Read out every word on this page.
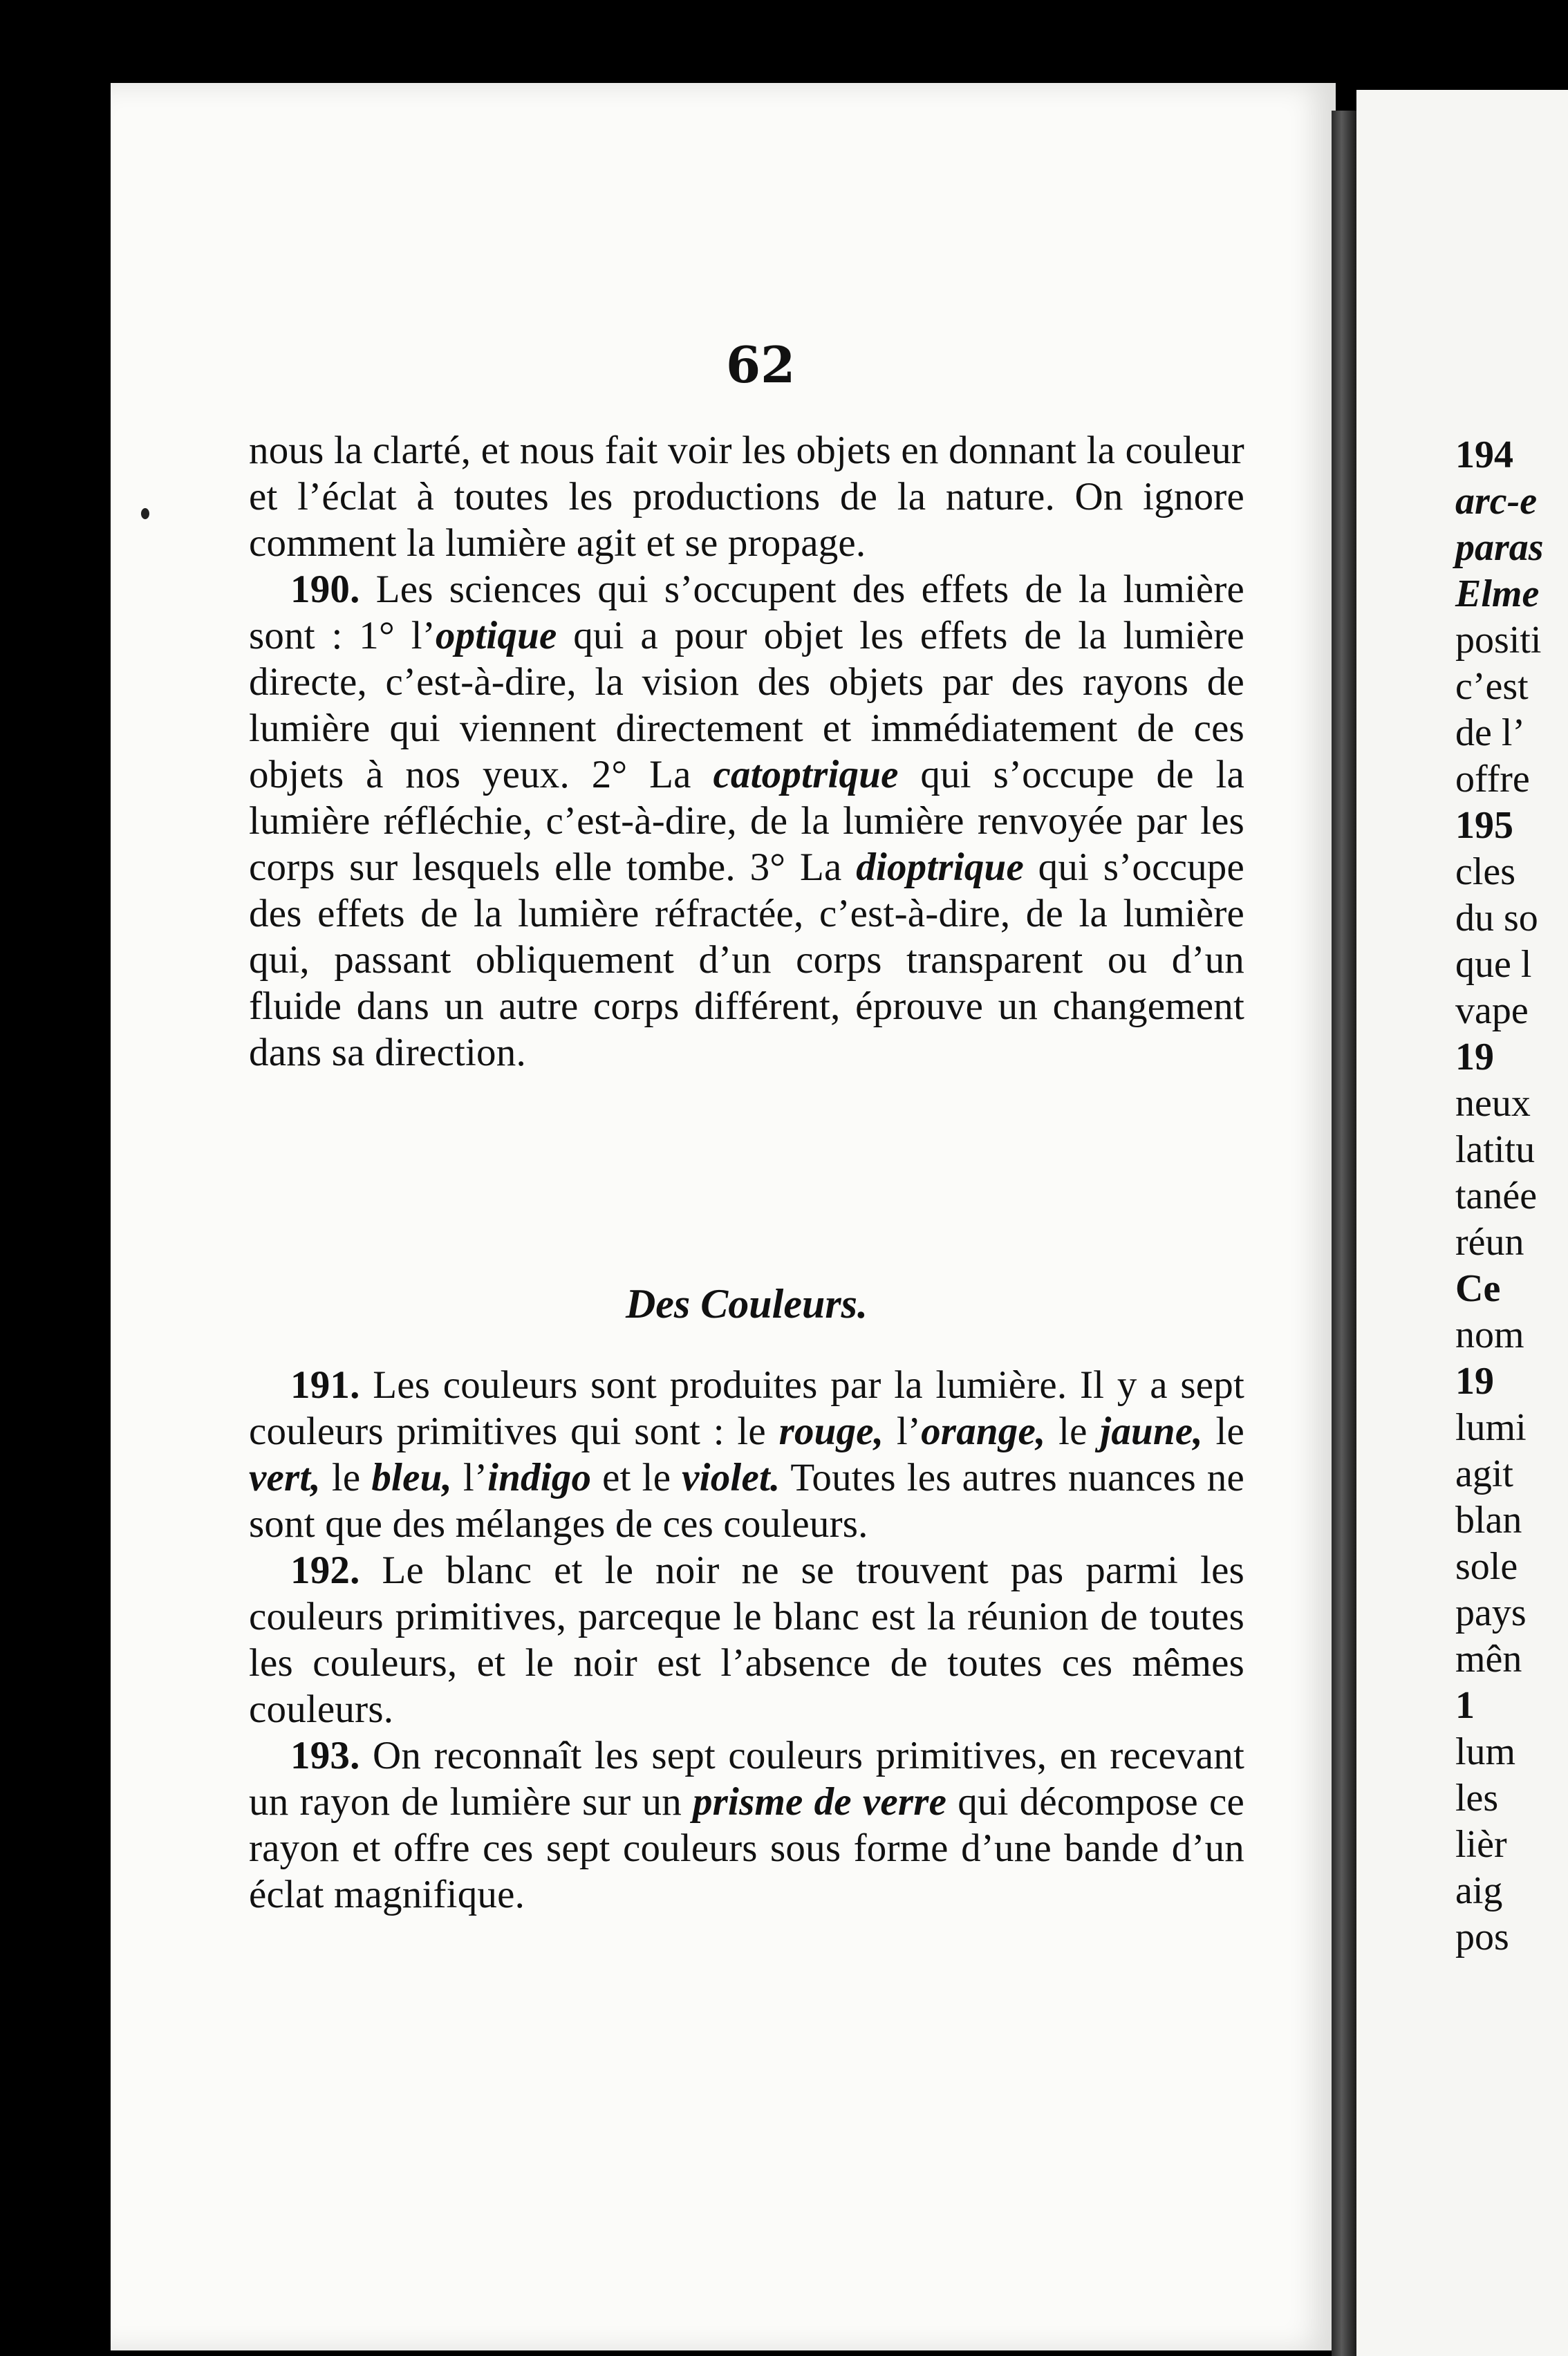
62

nous la clarté, et nous fait voir les objets en donnant la couleur et l’éclat à toutes les productions de la nature. On ignore comment la lumière agit et se propage.

190. Les sciences qui s’occupent des effets de la lumière sont : 1° l’optique qui a pour objet les effets de la lumière directe, c’est-à-dire, la vision des objets par des rayons de lumière qui viennent directement et immédiatement de ces objets à nos yeux. 2° La catoptrique qui s’occupe de la lumière réfléchie, c’est-à-dire, de la lumière renvoyée par les corps sur lesquels elle tombe. 3° La dioptrique qui s’occupe des effets de la lumière réfractée, c’est-à-dire, de la lumière qui, passant obliquement d’un corps transparent ou d’un fluide dans un autre corps différent, éprouve un changement dans sa direction.

Des Couleurs.

191. Les couleurs sont produites par la lumière. Il y a sept couleurs primitives qui sont : le rouge, l’orange, le jaune, le vert, le bleu, l’indigo et le violet. Toutes les autres nuances ne sont que des mélanges de ces couleurs.

192. Le blanc et le noir ne se trouvent pas parmi les couleurs primitives, parceque le blanc est la réunion de toutes les couleurs, et le noir est l’absence de toutes ces mêmes couleurs.

193. On reconnaît les sept couleurs primitives, en recevant un rayon de lumière sur un prisme de verre qui décompose ce rayon et offre ces sept couleurs sous forme d’une bande d’un éclat magnifique.

194
arc-e
paras
Elme
positi
c’est
de l’
offre
195
cles
du so
que l
vape
19
neux
latitu
tanée
réun
Ce
nom
19
lumi
agit
blan
sole
pays
mên
1
lum
les
lièr
aig
pos
